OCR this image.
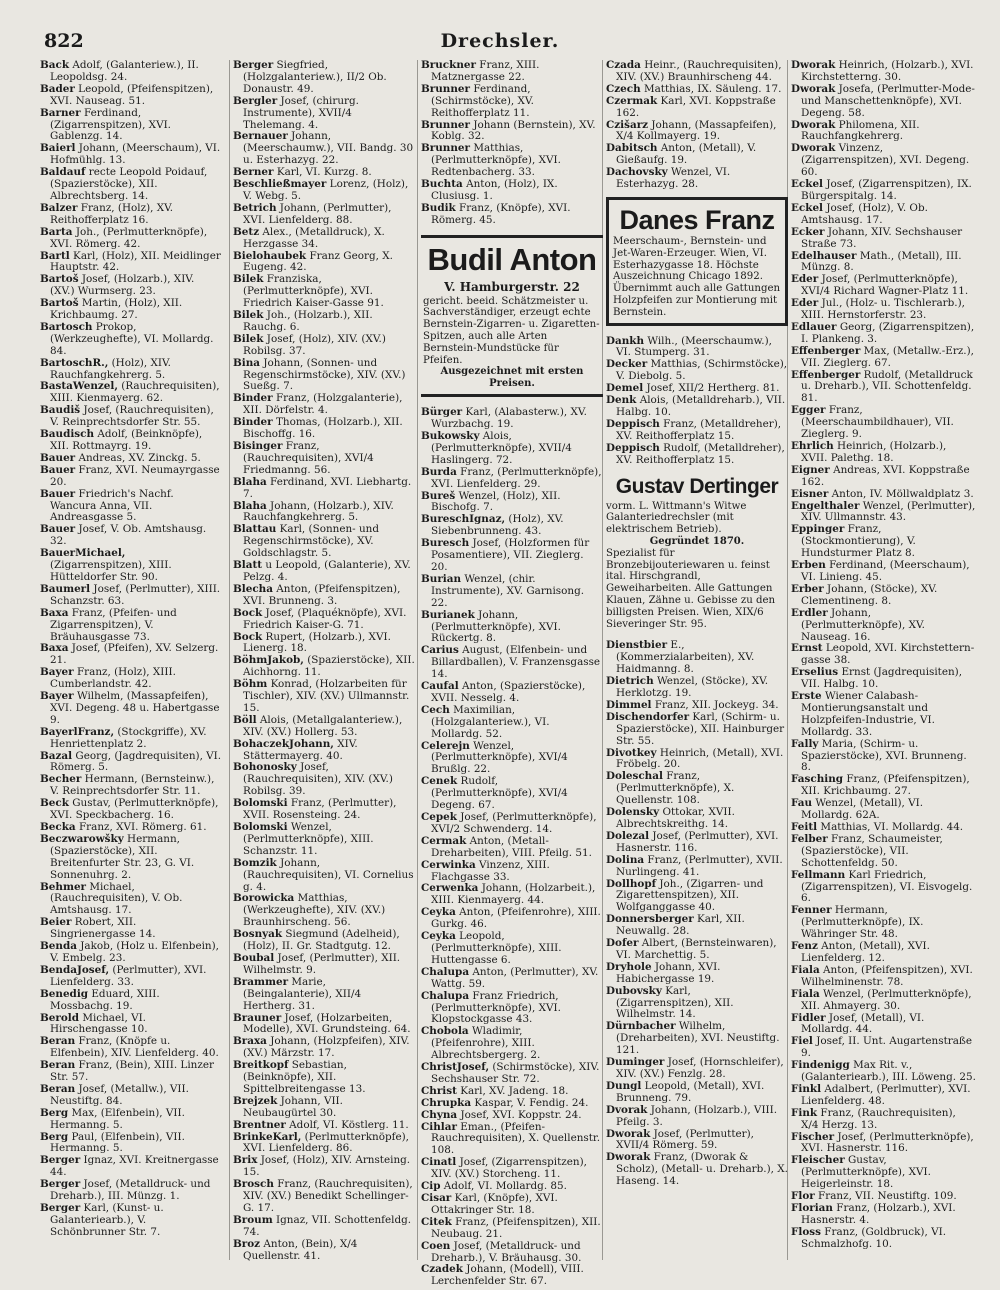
822	Drechsler.

Back Adolf, (Galanteriew.), II. Leopoldsg. 24.

Bader Leopold, (Pfeifenspitzen), XVI. Nauseag. 51.

Barner Ferdinand, (Zigarrenspitzen), XVI. Gablenzg. 14.

Baierl Johann, (Meerschaum), VI. Hofmühlg. 13.

Baldauf recte Leopold Poidauf, (Spazierstöcke), XII. Albrechtsberg. 14.

Balzer Franz, (Holz), XV. Reithofferplatz 16.

Barta Joh., (Perlmutterknöpfe), XVI. Römerg. 42.

Bartl Karl, (Holz), XII. Meidlinger Hauptstr. 42.

Bartoš Josef, (Holzarb.), XIV. (XV.) Wurmserg. 23.

Bartoš Martin, (Holz), XII. Krichbaumg. 27.

Bartosch Prokop, (Werkzeughefte), VI. Mollardg. 84.

BartoschR., (Holz), XIV. Rauchfangkehrerg. 5.

BastaWenzel, (Rauchrequisiten), XIII. Kienmayerg. 62.

Baudiš Josef, (Rauchrequisiten), V. Reinprechtsdorfer Str. 55.

Baudisch Adolf, (Beinknöpfe), XII. Rottmayrg. 19.

Bauer Andreas, XV. Zinckg. 5.

Bauer Franz, XVI. Neumayrgasse 20.

Bauer Friedrich's Nachf. Wancura Anna, VII. Andreasgasse 5.

Bauer Josef, V. Ob. Amtshausg. 32.

BauerMichael, (Zigarrenspitzen), XIII. Hütteldorfer Str. 90.

Baumerl Josef, (Perlmutter), XIII. Schanzstr. 63.

Baxa Franz, (Pfeifen- und Zigarrenspitzen), V. Bräuhausgasse 73.

Baxa Josef, (Pfeifen), XV. Selzerg. 21.

Bayer Franz, (Holz), XIII. Cumberlandstr. 42.

Bayer Wilhelm, (Massapfeifen), XVI. Degeng. 48 u. Habertgasse 9.

BayerlFranz, (Stockgriffe), XV. Henriettenplatz 2.

Bazal Georg, (Jagdrequisiten), VI. Römerg. 5.

Becher Hermann, (Bernsteinw.), V. Reinprechtsdorfer Str. 11.

Beck Gustav, (Perlmutterknöpfe), XVI. Speckbacherg. 16.

Becka Franz, XVI. Römerg. 61.

Beczwarowšky Hermann, (Spazierstöcke), XII. Breitenfurter Str. 23, G. VI. Sonnenuhrg. 2.

Behmer Michael, (Rauchrequisiten), V. Ob. Amtshausg. 17.

Beier Robert, XII. Singrienergasse 14.

Benda Jakob, (Holz u. Elfenbein), V. Embelg. 23.

BendaJosef, (Perlmutter), XVI. Lienfelderg. 33.

Benedig Eduard, XIII. Mossbachg. 19.

Berold Michael, VI. Hirschengasse 10.

Beran Franz, (Knöpfe u. Elfenbein), XIV. Lienfelderg. 40.

Beran Franz, (Bein), XIII. Linzer Str. 57.

Beran Josef, (Metallw.), VII. Neustiftg. 84.

Berg Max, (Elfenbein), VII. Hermanng. 5.

Berg Paul, (Elfenbein), VII. Hermanng. 5.

Berger Ignaz, XVI. Kreitnergasse 44.

Berger Josef, (Metalldruck- und Dreharb.), III. Münzg. 1.

Berger Karl, (Kunst- u. Galanteriearb.), V. Schönbrunner Str. 7.

Berger Siegfried, (Holzgalanteriew.), II/2 Ob. Donaustr. 49.

Bergler Josef, (chirurg. Instrumente), XVII/4 Thelemang. 4.

Bernauer Johann, (Meerschaumw.), VII. Bandg. 30 u. Esterhazyg. 22.

Berner Karl, VI. Kurzg. 8.

Beschließmayer Lorenz, (Holz), V. Webg. 5.

Betrich Johann, (Perlmutter), XVI. Lienfelderg. 88.

Betz Alex., (Metalldruck), X. Herzgasse 34.

Bielohaubek Franz Georg, X. Eugeng. 42.

Bilek Franziska, (Perlmutterknöpfe), XVI. Friedrich Kaiser-Gasse 91.

Bilek Joh., (Holzarb.), XII. Rauchg. 6.

Bilek Josef, (Holz), XIV. (XV.) Robilsg. 37.

Bina Johann, (Sonnen- und Regenschirmstöcke), XIV. (XV.) Sueßg. 7.

Binder Franz, (Holzgalanterie), XII. Dörfelstr. 4.

Binder Thomas, (Holzarb.), XII. Bischoffg. 16.

Bisinger Franz, (Rauchrequisiten), XVI/4 Friedmanng. 56.

Blaha Ferdinand, XVI. Liebhartg. 7.

Blaha Johann, (Holzarb.), XIV. Rauchfangkehrerg. 5.

Blattau Karl, (Sonnen- und Regenschirmstöcke), XV. Goldschlagstr. 5.

Blatt u Leopold, (Galanterie), XV. Pelzg. 4.

Blecha Anton, (Pfeifenspitzen), XVI. Brunneng. 3.

Bock Josef, (Plaquéknöpfe), XVI. Friedrich Kaiser-G. 71.

Bock Rupert, (Holzarb.), XVI. Lienerg. 18.

BöhmJakob, (Spazierstöcke), XII. Aichhorng. 11.

Böhm Konrad, (Holzarbeiten für Tischler), XIV. (XV.) Ullmannstr. 15.

Böll Alois, (Metallgalanteriew.), XIV. (XV.) Hollerg. 53.

BohaczekJohann, XIV. Stättermayerg. 40.

Bohonosky Josef, (Rauchrequisiten), XIV. (XV.) Robilsg. 39.

Bolomski Franz, (Perlmutter), XVII. Rosensteing. 24.

Bolomski Wenzel, (Perlmutterknöpfe), XIII. Schanzstr. 11.

Bomzik Johann, (Rauchrequisiten), VI. Cornelius g. 4.

Borowicka Matthias, (Werkzeughefte), XIV. (XV.) Braunhirscheng. 56.

Bosnyak Siegmund (Adelheid), (Holz), II. Gr. Stadtgutg. 12.

Boubal Josef, (Perlmutter), XII. Wilhelmstr. 9.

Brammer Marie, (Beingalanterie), XII/4 Hertherg. 31.

Brauner Josef, (Holzarbeiten, Modelle), XVI. Grundsteing. 64.

Braxa Johann, (Holzpfeifen), XIV. (XV.) Märzstr. 17.

Breitkopf Sebastian, (Beinknöpfe), XII. Spittelbreitengasse 13.

Brejzek Johann, VII. Neubaugürtel 30.

Brentner Adolf, VI. Köstlerg. 11.

BrinkeKarl, (Perlmutterknöpfe), XVI. Lienfelderg. 86.

Brix Josef, (Holz), XIV. Arnsteing. 15.

Brosch Franz, (Rauchrequisiten), XIV. (XV.) Benedikt Schellinger-G. 17.

Broum Ignaz, VII. Schottenfeldg. 74.

Broz Anton, (Bein), X/4 Quellenstr. 41.

Bruckner Franz, XIII. Matznergasse 22.

Brunner Ferdinand, (Schirmstöcke), XV. Reithofferplatz 11.

Brunner Johann (Bernstein), XV. Koblg. 32.

Brunner Matthias, (Perlmutterknöpfe), XVI. Redtenbacherg. 33.

Buchta Anton, (Holz), IX. Clusiusg. 1.

Budik Franz, (Knöpfe), XVI. Römerg. 45.

Budil Anton
V. Hamburgerstr. 22
gericht. beeid. Schätzmeister u. Sachverständiger, erzeugt echte Bernstein-Zigarren- u. Zigaretten-Spitzen, auch alle Arten Bernstein-Mundstücke für Pfeifen.
Ausgezeichnet mit ersten Preisen.

Bürger Karl, (Alabasterw.), XV. Wurzbachg. 19.

Bukowsky Alois, (Perlmutterknöpfe), XVII/4 Haslingerg. 72.

Burda Franz, (Perlmutterknöpfe), XVI. Lienfelderg. 29.

Bureš Wenzel, (Holz), XII. Bischofg. 7.

BureschIgnaz, (Holz), XV. Siebenbrunneng. 43.

Buresch Josef, (Holzformen für Posamentiere), VII. Zieglerg. 20.

Burian Wenzel, (chir. Instrumente), XV. Garnisong. 22.

Burianek Johann, (Perlmutterknöpfe), XVI. Rückertg. 8.

Carius August, (Elfenbein- und Billardballen), V. Franzensgasse 14.

Caufal Anton, (Spazierstöcke), XVII. Nesselg. 4.

Cech Maximilian, (Holzgalanteriew.), VI. Mollardg. 52.

Celerejn Wenzel, (Perlmutterknöpfe), XVI/4 Brußlg. 22.

Cenek Rudolf, (Perlmutterknöpfe), XVI/4 Degeng. 67.

Cepek Josef, (Perlmutterknöpfe), XVI/2 Schwenderg. 14.

Cermak Anton, (Metall-Dreharbeiten), VIII. Pfeilg. 51.

Cerwinka Vinzenz, XIII. Flachgasse 33.

Cerwenka Johann, (Holzarbeit.), XIII. Kienmayerg. 44.

Ceyka Anton, (Pfeifenrohre), XIII. Gurkg. 46.

Ceyka Leopold, (Perlmutterknöpfe), XIII. Huttengasse 6.

Chalupa Anton, (Perlmutter), XV. Wattg. 59.

Chalupa Franz Friedrich, (Perlmutterknöpfe), XVI. Klopstockgasse 43.

Chobola Wladimir, (Pfeifenrohre), XIII. Albrechtsbergerg. 2.

ChristJosef, (Schirmstöcke), XIV. Sechshauser Str. 72.

Christ Karl, XV. Jadeng. 18.

Chrupka Kaspar, V. Fendig. 24.

Chyna Josef, XVI. Koppstr. 24.

Cihlar Eman., (Pfeifen-Rauchrequisiten), X. Quellenstr. 108.

Cinatl Josef, (Zigarrenspitzen), XIV. (XV.) Storcheng. 11.

Cip Adolf, VI. Mollardg. 85.

Cisar Karl, (Knöpfe), XVI. Ottakringer Str. 18.

Citek Franz, (Pfeifenspitzen), XII. Neubaug. 21.

Coen Josef, (Metalldruck- und Dreharb.), V. Bräuhausg. 30.

Czadek Johann, (Modell), VIII. Lerchenfelder Str. 67.

Czada Heinr., (Rauchrequisiten), XIV. (XV.) Braunhirscheng 44.

Czech Matthias, IX. Säuleng. 17.

Czermak Karl, XVI. Koppstraße 162.

Czišarz Johann, (Massapfeifen), X/4 Kollmayerg. 19.

Dabitsch Anton, (Metall), V. Gießaufg. 19.

Dachovsky Wenzel, VI. Esterhazyg. 28.

Danes Franz
Meerschaum-, Bernstein- und Jet-Waren-Erzeuger. Wien, VI. Esterhazygasse 18. Höchste Auszeichnung Chicago 1892. Übernimmt auch alle Gattungen Holzpfeifen zur Montierung mit Bernstein.

Dankh Wilh., (Meerschaumw.), VI. Stumperg. 31.

Decker Matthias, (Schirmstöcke), V. Diebolg. 5.

Demel Josef, XII/2 Hertherg. 81.

Denk Alois, (Metalldreharb.), VII. Halbg. 10.

Deppisch Franz, (Metalldreher), XV. Reithofferplatz 15.

Deppisch Rudolf, (Metalldreher), XV. Reithofferplatz 15.

Gustav Dertinger
vorm. L. Wittmann's Witwe Galanteriedrechsler (mit elektrischem Betrieb).
Gegründet 1870.
Spezialist für Bronzebijouteriewaren u. feinst ital. Hirschgrandl, Geweiharbeiten. Alle Gattungen Klauen, Zähne u. Gebisse zu den billigsten Preisen. Wien, XIX/6 Sieveringer Str. 95.

Dienstbier E., (Kommerzialarbeiten), XV. Haidmanng. 8.

Dietrich Wenzel, (Stöcke), XV. Herklotzg. 19.

Dimmel Franz, XII. Jockeyg. 34.

Dischendorfer Karl, (Schirm- u. Spazierstöcke), XII. Hainburger Str. 55.

Divotkey Heinrich, (Metall), XVI. Fröbelg. 20.

Doleschal Franz, (Perlmutterknöpfe), X. Quellenstr. 108.

Dolensky Ottokar, XVII. Albrechtskreithg. 14.

Dolezal Josef, (Perlmutter), XVI. Hasnerstr. 116.

Dolina Franz, (Perlmutter), XVII. Nurlingeng. 41.

Dollhopf Joh., (Zigarren- und Zigarettenspitzen), XII. Wolfganggasse 40.

Donnersberger Karl, XII. Neuwallg. 28.

Dofer Albert, (Bernsteinwaren), VI. Marchettig. 5.

Dryhole Johann, XVI. Habichergasse 19.

Dubovsky Karl, (Zigarrenspitzen), XII. Wilhelmstr. 14.

Dürnbacher Wilhelm, (Dreharbeiten), XVI. Neustiftg. 121.

Duminger Josef, (Hornschleifer), XIV. (XV.) Fenzlg. 28.

Dungl Leopold, (Metall), XVI. Brunneng. 79.

Dvorak Johann, (Holzarb.), VIII. Pfeilg. 3.

Dworak Josef, (Perlmutter), XVII/4 Römerg. 59.

Dworak Franz, (Dworak & Scholz), (Metall- u. Dreharb.), X. Haseng. 14.

Dworak Heinrich, (Holzarb.), XVI. Kirchstetterng. 30.

Dworak Josefa, (Perlmutter-Mode- und Manschettenknöpfe), XVI. Degeng. 58.

Dworak Philomena, XII. Rauchfangkehrerg.

Dworak Vinzenz, (Zigarrenspitzen), XVI. Degeng. 60.

Eckel Josef, (Zigarrenspitzen), IX. Bürgerspitalg. 14.

Eckel Josef, (Holz), V. Ob. Amtshausg. 17.

Ecker Johann, XIV. Sechshauser Straße 73.

Edelhauser Math., (Metall), III. Münzg. 8.

Eder Josef, (Perlmutterknöpfe), XVI/4 Richard Wagner-Platz 11.

Eder Jul., (Holz- u. Tischlerarb.), XIII. Hernstorferstr. 23.

Edlauer Georg, (Zigarrenspitzen), I. Plankeng. 3.

Effenberger Max, (Metallw.-Erz.), VII. Zieglerg. 67.

Effenberger Rudolf, (Metalldruck u. Dreharb.), VII. Schottenfeldg. 81.

Egger Franz, (Meerschaumbildhauer), VII. Zieglerg. 9.

Ehrlich Heinrich, (Holzarb.), XVII. Palethg. 18.

Eigner Andreas, XVI. Koppstraße 162.

Eisner Anton, IV. Möllwaldplatz 3.

Engelthaler Wenzel, (Perlmutter), XIV. Ullmannstr. 43.

Eppinger Franz, (Stockmontierung), V. Hundsturmer Platz 8.

Erben Ferdinand, (Meerschaum), VI. Linieng. 45.

Erber Johann, (Stöcke), XV. Clementineng. 8.

Erdler Johann, (Perlmutterknöpfe), XV. Nauseag. 16.

Ernst Leopold, XVI. Kirchstettern-gasse 38.

Erselius Ernst (Jagdrequisiten), VII. Halbg. 10.

Erste Wiener Calabash-Montierungsanstalt und Holzpfeifen-Industrie, VI. Mollardg. 33.

Fally Maria, (Schirm- u. Spazierstöcke), XVI. Brunneng. 8.

Fasching Franz, (Pfeifenspitzen), XII. Krichbaumg. 27.

Fau Wenzel, (Metall), VI. Mollardg. 62A.

Feitl Matthias, VI. Mollardg. 44.

Felber Franz, Schaumeister, (Spazierstöcke), VII. Schottenfeldg. 50.

Fellmann Karl Friedrich, (Zigarrenspitzen), VI. Eisvogelg. 6.

Fenner Hermann, (Perlmutterknöpfe), IX. Währinger Str. 48.

Fenz Anton, (Metall), XVI. Lienfelderg. 12.

Fiala Anton, (Pfeifenspitzen), XVI. Wilhelminenstr. 78.

Fiala Wenzel, (Perlmutterknöpfe), XII. Ahmayerg. 30.

Fidler Josef, (Metall), VI. Mollardg. 44.

Fiel Josef, II. Unt. Augartenstraße 9.

Findenigg Max Rit. v., (Galanteriearb.), III. Löweng. 25.

Finkl Adalbert, (Perlmutter), XVI. Lienfelderg. 48.

Fink Franz, (Rauchrequisiten), X/4 Herzg. 13.

Fischer Josef, (Perlmutterknöpfe), XVI. Hasnerstr. 116.

Fleischer Gustav, (Perlmutterknöpfe), XVI. Heigerleinstr. 18.

Flor Franz, VII. Neustiftg. 109.

Florian Franz, (Holzarb.), XVI. Hasnerstr. 4.

Floss Franz, (Goldbruck), VI. Schmalzhofg. 10.
